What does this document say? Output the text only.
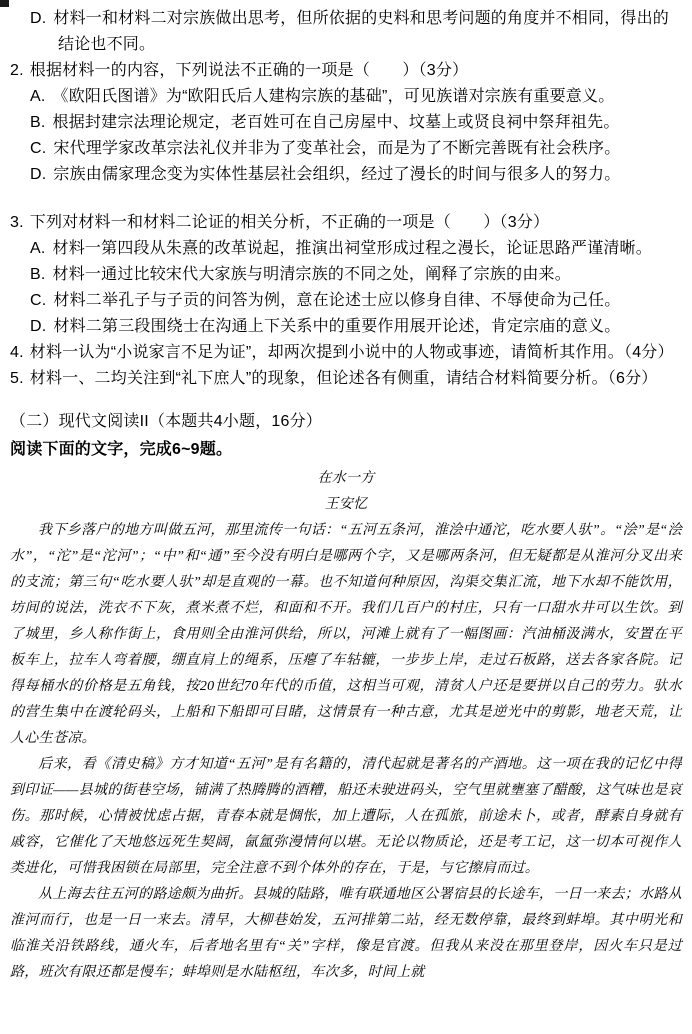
D. 材料一和材料二对宗族做出思考，但所依据的史料和思考问题的角度并不相同，得出的结论也不同。
2. 根据材料一的内容，下列说法不正确的一项是（　　）（3分）
A. 《欧阳氏图谱》为“欧阳氏后人建构宗族的基础”，可见族谱对宗族有重要意义。
B. 根据封建宗法理论规定，老百姓可在自己房屋中、坟墓上或贤良祠中祭拜祖先。
C. 宋代理学家改革宗法礼仪并非为了变革社会，而是为了不断完善既有社会秩序。
D. 宗族由儒家理念变为实体性基层社会组织，经过了漫长的时间与很多人的努力。
3. 下列对材料一和材料二论证的相关分析，不正确的一项是（　　）（3分）
A. 材料一第四段从朱熹的改革说起，推演出祠堂形成过程之漫长，论证思路严谨清晰。
B. 材料一通过比较宋代大家族与明清宗族的不同之处，阐释了宗族的由来。
C. 材料二举孔子与子贡的问答为例，意在论述士应以修身自律、不辱使命为己任。
D. 材料二第三段围绕士在沟通上下关系中的重要作用展开论述，肯定宗庙的意义。
4. 材料一认为“小说家言不足为证”，却两次提到小说中的人物或事迹，请简析其作用。（4分）
5. 材料一、二均关注到“礼下庶人”的现象，但论述各有侧重，请结合材料简要分析。（6分）
（二）现代文阅读II（本题共4小题，16分）
阅读下面的文字，完成6~9题。
在水一方
王安忆

我下乡落户的地方叫做五河，那里流传一句话：“五河五条河，淮浍中通沱，吃水要人驮”。“浍”是“浍水”，“沱”是“沱河”；“中”和“通”至今没有明白是哪两个字，又是哪两条河，但无疑都是从淮河分叉出来的支流；第三句“吃水要人驮”却是直观的一幕。也不知道何种原因，沟渠交集汇流，地下水却不能饮用，坊间的说法，洗衣不下灰，煮米煮不烂，和面和不开。我们几百户的村庄，只有一口甜水井可以生饮。到了城里，乡人称作街上，食用则全由淮河供给，所以，河滩上就有了一幅图画：汽油桶汲满水，安置在平板车上，拉车人弯着腰，绷直肩上的绳系，压瘪了车轱辘，一步步上岸，走过石板路，送去各家各院。记得每桶水的价格是五角钱，按20世纪70年代的币值，这相当可观，清贫人户还是要拼以自己的劳力。驮水的营生集中在渡轮码头，上船和下船即可目睹，这情景有一种古意，尤其是逆光中的剪影，地老天荒，让人心生苍凉。

后来，看《清史稿》方才知道“五河”是有名籍的，清代起就是著名的产酒地。这一项在我的记忆中得到印证——县城的街巷空场，铺满了热腾腾的酒糟，船还未驶进码头，空气里就壅塞了醋酸，这气味也是哀伤。那时候，心情被忧虑占据，青春本就是惆怅，加上遭际，人在孤旅，前途未卜，或者，酵素自身就有戚容，它催化了天地悠远死生契阔，氤氲弥漫情何以堪。无论以物质论，还是考工记，这一切本可视作人类进化，可惜我困锁在局部里，完全注意不到个体外的存在，于是，与它擦肩而过。

从上海去往五河的路途颇为曲折。县城的陆路，唯有联通地区公署宿县的长途车，一日一来去；水路从淮河而行，也是一日一来去。清早，大柳巷始发，五河排第二站，经无数停靠，最终到蚌埠。其中明光和临淮关沿铁路线，通火车，后者地名里有“关”字样，像是官渡。但我从来没在那里登岸，因火车只是过路，班次有限还都是慢车；蚌埠则是水陆枢纽，车次多，时间上就
